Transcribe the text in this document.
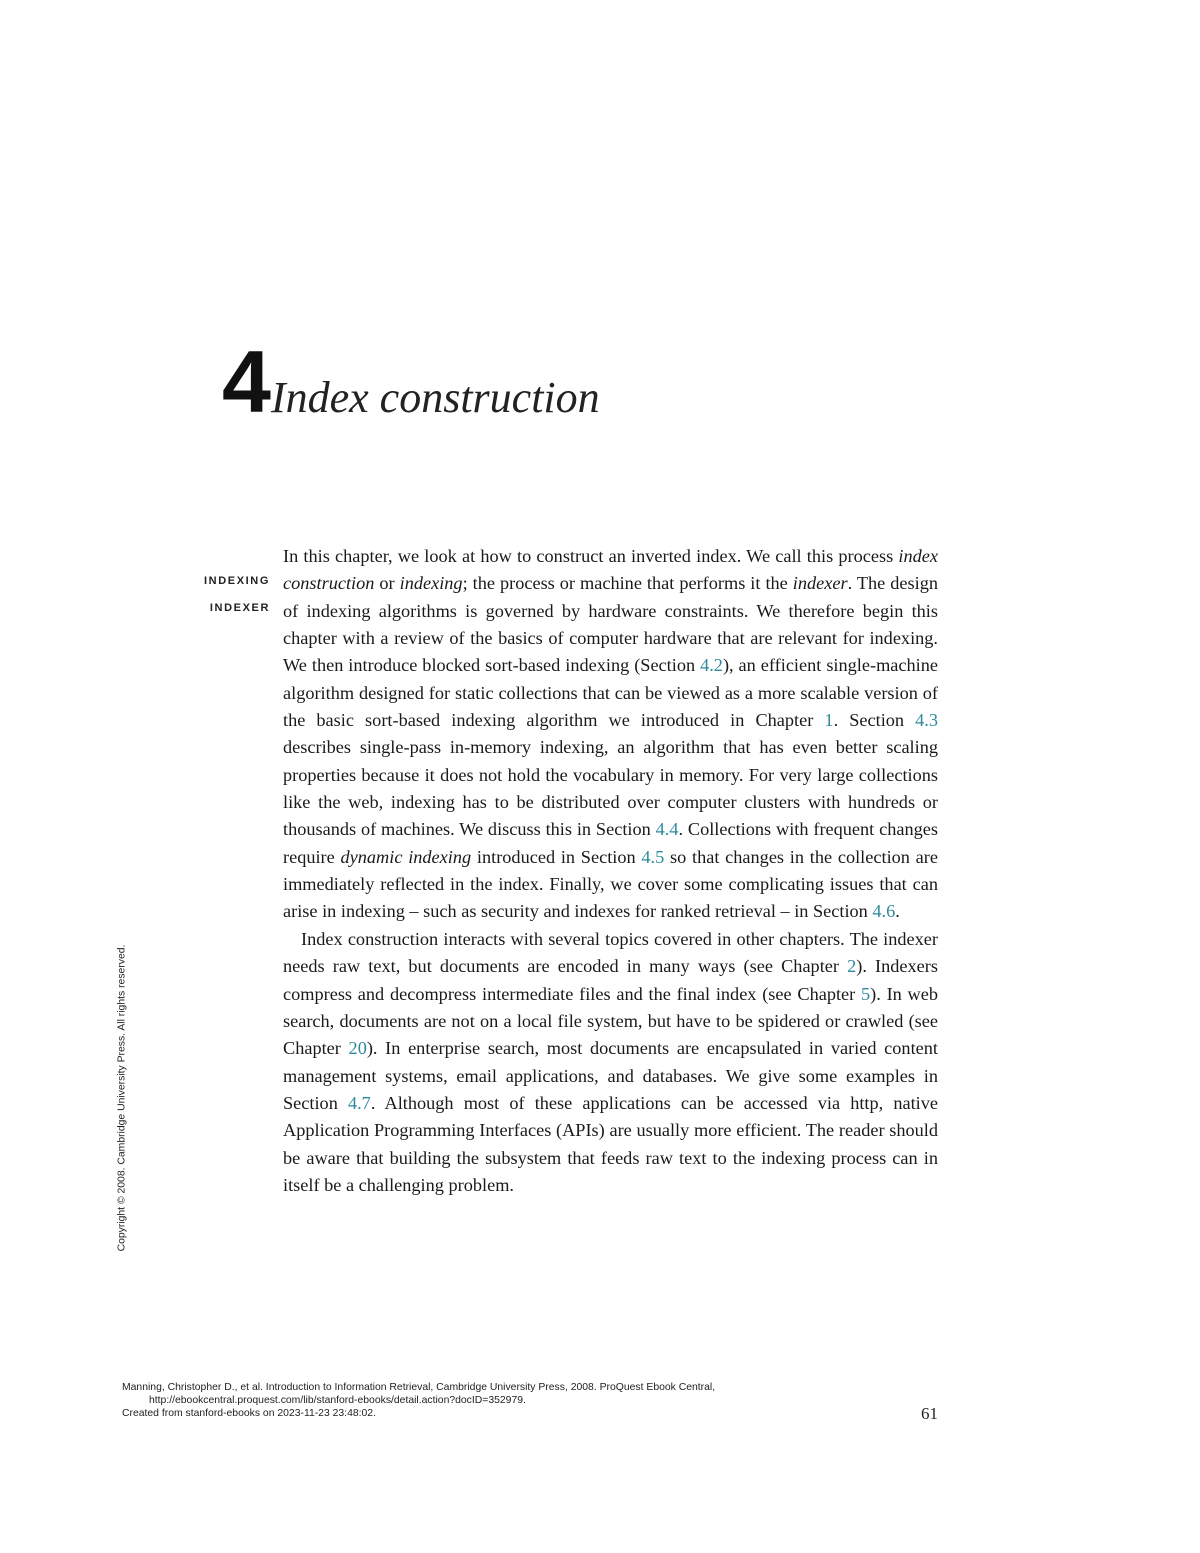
4Index construction
INDEXING
INDEXER

In this chapter, we look at how to construct an inverted index. We call this process index construction or indexing; the process or machine that performs it the indexer. The design of indexing algorithms is governed by hardware constraints. We therefore begin this chapter with a review of the basics of computer hardware that are relevant for indexing. We then introduce blocked sort-based indexing (Section 4.2), an efficient single-machine algorithm designed for static collections that can be viewed as a more scalable version of the basic sort-based indexing algorithm we introduced in Chapter 1. Section 4.3 describes single-pass in-memory indexing, an algorithm that has even better scaling properties because it does not hold the vocabulary in memory. For very large collections like the web, indexing has to be distributed over computer clusters with hundreds or thousands of machines. We discuss this in Section 4.4. Collections with frequent changes require dynamic indexing introduced in Section 4.5 so that changes in the collection are immediately reflected in the index. Finally, we cover some complicating issues that can arise in indexing – such as security and indexes for ranked retrieval – in Section 4.6.

Index construction interacts with several topics covered in other chapters. The indexer needs raw text, but documents are encoded in many ways (see Chapter 2). Indexers compress and decompress intermediate files and the final index (see Chapter 5). In web search, documents are not on a local file system, but have to be spidered or crawled (see Chapter 20). In enterprise search, most documents are encapsulated in varied content management systems, email applications, and databases. We give some examples in Section 4.7. Although most of these applications can be accessed via http, native Application Programming Interfaces (APIs) are usually more efficient. The reader should be aware that building the subsystem that feeds raw text to the indexing process can in itself be a challenging problem.

Copyright © 2008. Cambridge University Press. All rights reserved.
Manning, Christopher D., et al. Introduction to Information Retrieval, Cambridge University Press, 2008. ProQuest Ebook Central,
http://ebookcentral.proquest.com/lib/stanford-ebooks/detail.action?docID=352979.
Created from stanford-ebooks on 2023-11-23 23:48:02.	61
